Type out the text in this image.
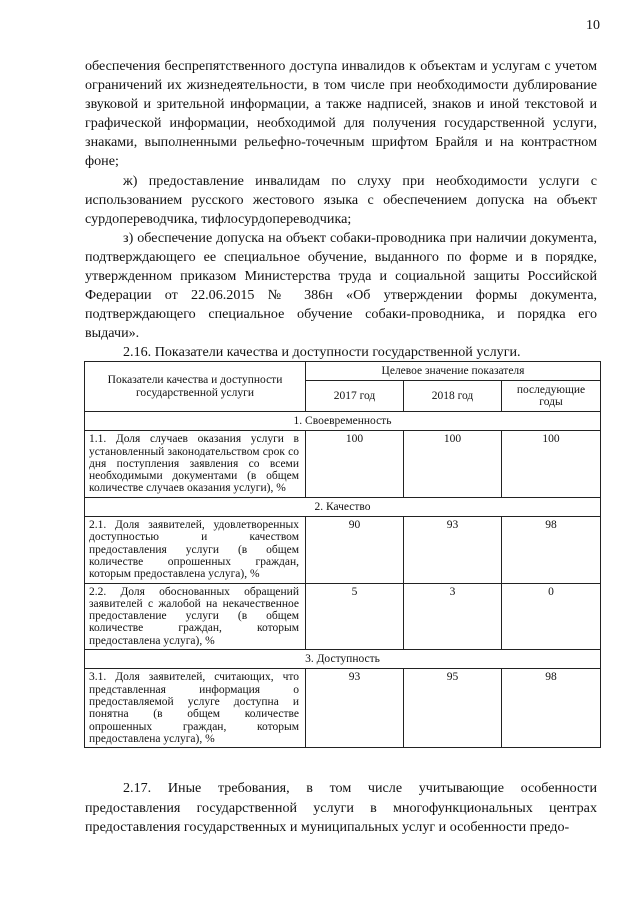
10

обеспечения беспрепятственного доступа инвалидов к объектам и услугам с учетом ограничений их жизнедеятельности, в том числе при необходимости дублирование звуковой и зрительной информации, а также надписей, знаков и иной текстовой и графической информации, необходимой для получения государственной услуги, знаками, выполненными рельефно-точечным шрифтом Брайля и на контрастном фоне;

ж) предоставление инвалидам по слуху при необходимости услуги с использованием русского жестового языка с обеспечением допуска на объект сурдопереводчика, тифлосурдопереводчика;

з) обеспечение допуска на объект собаки-проводника при наличии документа, подтверждающего ее специальное обучение, выданного по форме и в порядке, утвержденном приказом Министерства труда и социальной защиты Российской Федерации от 22.06.2015 № 386н «Об утверждении формы документа, подтверждающего специальное обучение собаки-проводника, и порядка его выдачи».

2.16. Показатели качества и доступности государственной услуги.

Показатели качества и доступности государственной услуги	Целевое значение показателя		
	2017 год	2018 год	последующие годы
1. Своевременность			
1.1. Доля случаев оказания услуги в установленный законодательством срок со дня поступления заявления со всеми необходимыми документами (в общем количестве случаев оказания услуги), %	100	100	100
2. Качество			
2.1. Доля заявителей, удовлетворенных доступностью и качеством предоставления услуги (в общем количестве опрошенных граждан, которым предоставлена услуга), %	90	93	98
2.2. Доля обоснованных обращений заявителей с жалобой на некачественное предоставление услуги (в общем количестве граждан, которым предоставлена услуга), %	5	3	0
3. Доступность			
3.1. Доля заявителей, считающих, что представленная информация о предоставляемой услуге доступна и понятна (в общем количестве опрошенных граждан, которым предоставлена услуга), %	93	95	98

2.17. Иные требования, в том числе учитывающие особенности предоставления государственной услуги в многофункциональных центрах предоставления государственных и муниципальных услуг и особенности предо-
